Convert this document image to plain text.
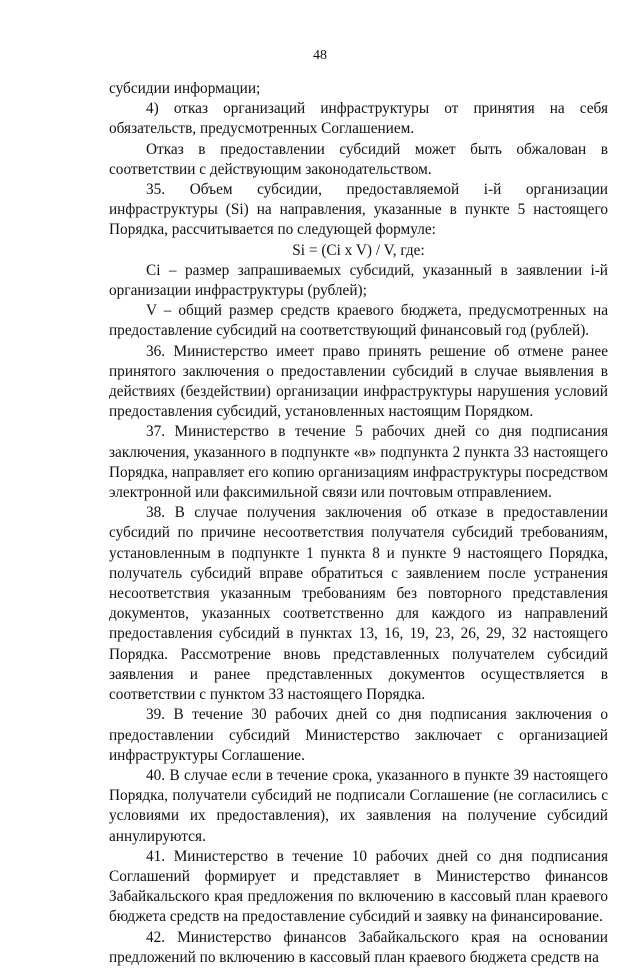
48

субсидии информации;

4) отказ организаций инфраструктуры от принятия на себя обязательств, предусмотренных Соглашением.

Отказ в предоставлении субсидий может быть обжалован в соответствии с действующим законодательством.

35. Объем субсидии, предоставляемой i-й организации инфраструктуры (Si) на направления, указанные в пункте 5 настоящего Порядка, рассчитывается по следующей формуле:

Si = (Ci x V) / V, где:

Ci – размер запрашиваемых субсидий, указанный в заявлении i-й организации инфраструктуры (рублей);

V – общий размер средств краевого бюджета, предусмотренных на предоставление субсидий на соответствующий финансовый год (рублей).

36. Министерство имеет право принять решение об отмене ранее принятого заключения о предоставлении субсидий в случае выявления в действиях (бездействии) организации инфраструктуры нарушения условий предоставления субсидий, установленных настоящим Порядком.

37. Министерство в течение 5 рабочих дней со дня подписания заключения, указанного в подпункте «в» подпункта 2 пункта 33 настоящего Порядка, направляет его копию организациям инфраструктуры посредством электронной или факсимильной связи или почтовым отправлением.

38. В случае получения заключения об отказе в предоставлении субсидий по причине несоответствия получателя субсидий требованиям, установленным в подпункте 1 пункта 8 и пункте 9 настоящего Порядка, получатель субсидий вправе обратиться с заявлением после устранения несоответствия указанным требованиям без повторного представления документов, указанных соответственно для каждого из направлений предоставления субсидий в пунктах 13, 16, 19, 23, 26, 29, 32 настоящего Порядка. Рассмотрение вновь представленных получателем субсидий заявления и ранее представленных документов осуществляется в соответствии с пунктом 33 настоящего Порядка.

39. В течение 30 рабочих дней со дня подписания заключения о предоставлении субсидий Министерство заключает с организацией инфраструктуры Соглашение.

40. В случае если в течение срока, указанного в пункте 39 настоящего Порядка, получатели субсидий не подписали Соглашение (не согласились с условиями их предоставления), их заявления на получение субсидий аннулируются.

41. Министерство в течение 10 рабочих дней со дня подписания Соглашений формирует и представляет в Министерство финансов Забайкальского края предложения по включению в кассовый план краевого бюджета средств на предоставление субсидий и заявку на финансирование.

42. Министерство финансов Забайкальского края на основании предложений по включению в кассовый план краевого бюджета средств на
